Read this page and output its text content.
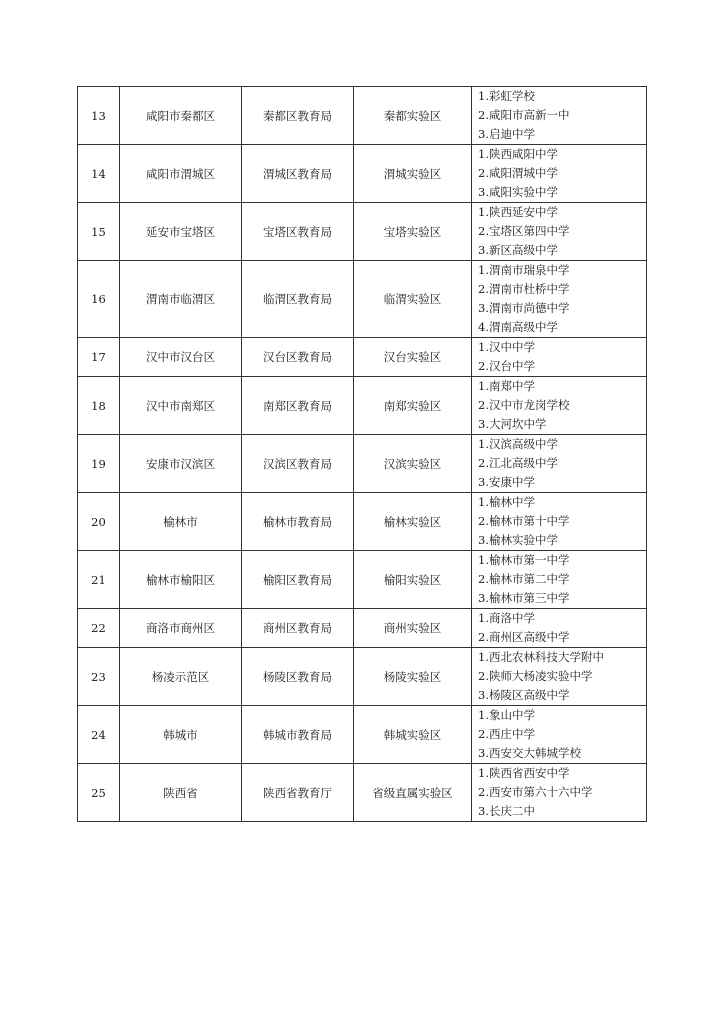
13	咸阳市秦都区	秦都区教育局	秦都实验区	1.彩虹学校
2.咸阳市高新一中
3.启迪中学

14	咸阳市渭城区	渭城区教育局	渭城实验区	1.陕西咸阳中学
2.咸阳渭城中学
3.咸阳实验中学

15	延安市宝塔区	宝塔区教育局	宝塔实验区	1.陕西延安中学
2.宝塔区第四中学
3.新区高级中学

16	渭南市临渭区	临渭区教育局	临渭实验区	1.渭南市瑞泉中学
2.渭南市杜桥中学
3.渭南市尚德中学
4.渭南高级中学

17	汉中市汉台区	汉台区教育局	汉台实验区	1.汉中中学
2.汉台中学

18	汉中市南郑区	南郑区教育局	南郑实验区	1.南郑中学
2.汉中市龙岗学校
3.大河坎中学

19	安康市汉滨区	汉滨区教育局	汉滨实验区	1.汉滨高级中学
2.江北高级中学
3.安康中学

20	榆林市	榆林市教育局	榆林实验区	1.榆林中学
2.榆林市第十中学
3.榆林实验中学

21	榆林市榆阳区	榆阳区教育局	榆阳实验区	1.榆林市第一中学
2.榆林市第二中学
3.榆林市第三中学

22	商洛市商州区	商州区教育局	商州实验区	1.商洛中学
2.商州区高级中学

23	杨凌示范区	杨陵区教育局	杨陵实验区	1.西北农林科技大学附中
2.陕师大杨凌实验中学
3.杨陵区高级中学

24	韩城市	韩城市教育局	韩城实验区	1.象山中学
2.西庄中学
3.西安交大韩城学校

25	陕西省	陕西省教育厅	省级直属实验区	1.陕西省西安中学
2.西安市第六十六中学
3.长庆二中
